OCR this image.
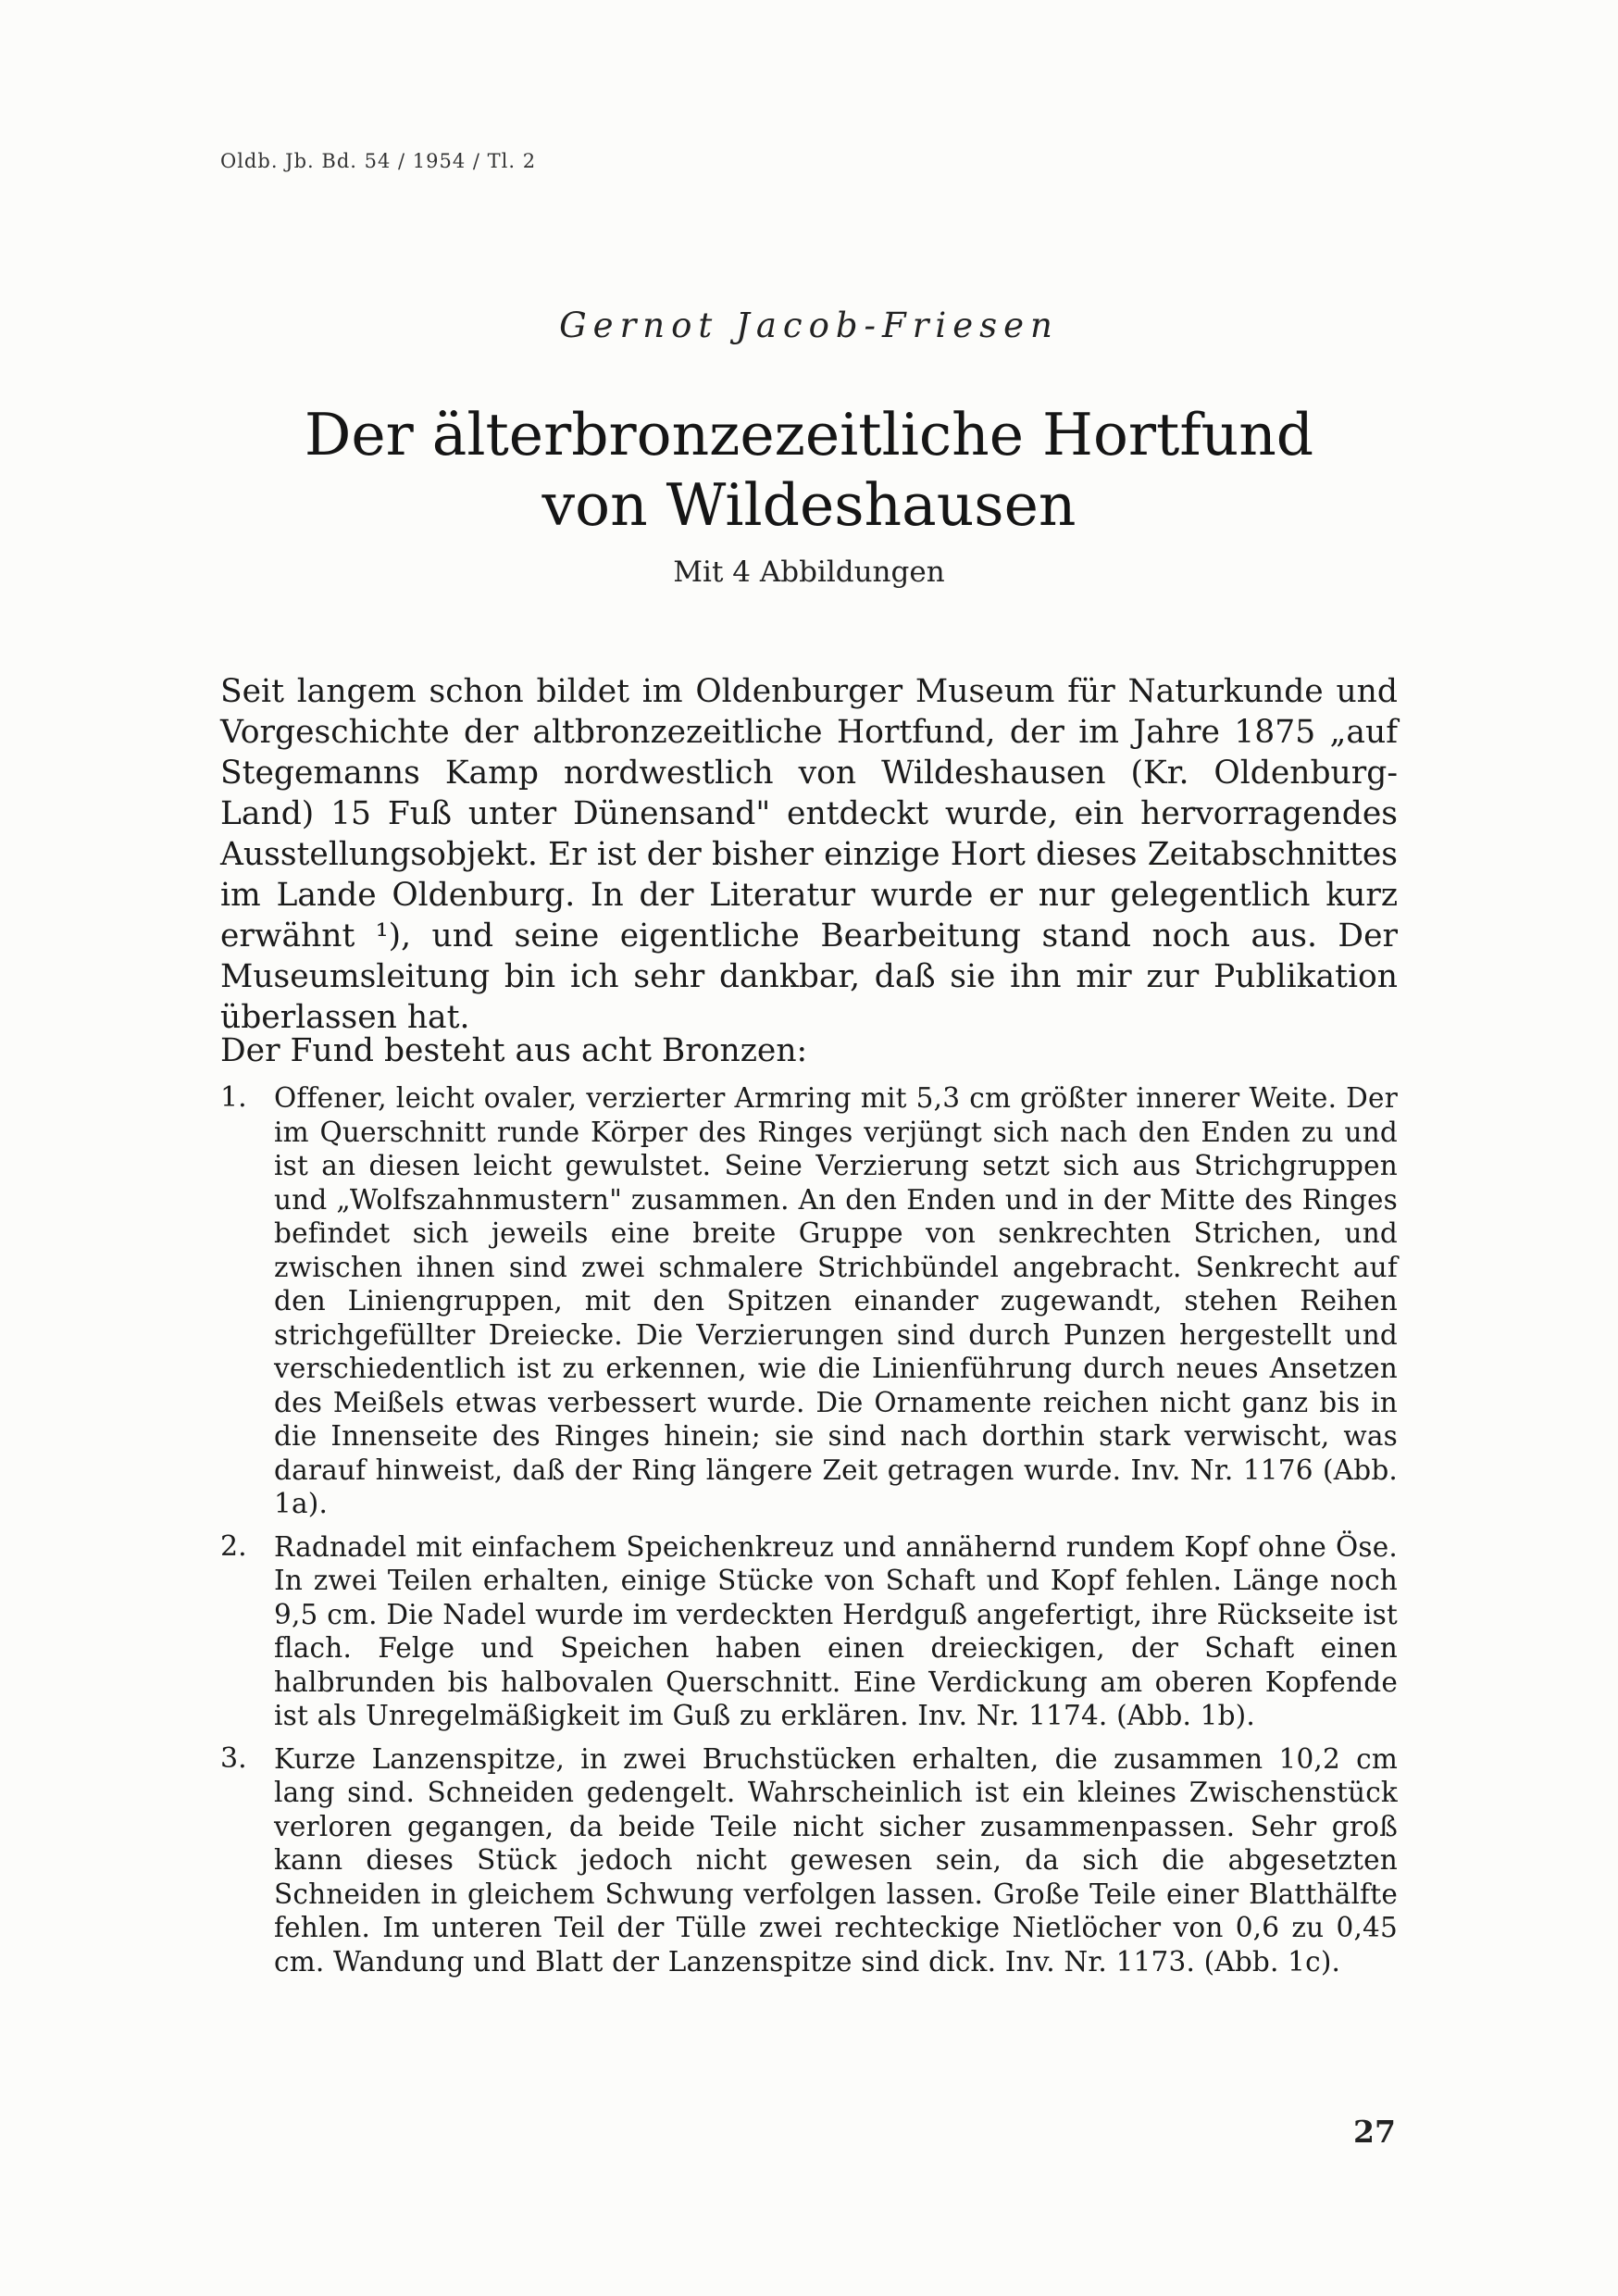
Oldb. Jb. Bd. 54 / 1954 / Tl. 2
Gernot Jacob-Friesen
Der älterbronzezeitliche Hortfund
von Wildeshausen
Mit 4 Abbildungen

Seit langem schon bildet im Oldenburger Museum für Naturkunde und Vorgeschichte der altbronzezeitliche Hortfund, der im Jahre 1875 „auf Stegemanns Kamp nordwestlich von Wildeshausen (Kr. Oldenburg-Land) 15 Fuß unter Dünensand" entdeckt wurde, ein hervorragendes Ausstellungsobjekt. Er ist der bisher einzige Hort dieses Zeitabschnittes im Lande Oldenburg. In der Literatur wurde er nur gelegentlich kurz erwähnt ¹), und seine eigentliche Bearbeitung stand noch aus. Der Museumsleitung bin ich sehr dankbar, daß sie ihn mir zur Publikation überlassen hat.

Der Fund besteht aus acht Bronzen:
1. Offener, leicht ovaler, verzierter Armring mit 5,3 cm größter innerer Weite. Der im Querschnitt runde Körper des Ringes verjüngt sich nach den Enden zu und ist an diesen leicht gewulstet. Seine Verzierung setzt sich aus Strichgruppen und „Wolfszahnmustern" zusammen. An den Enden und in der Mitte des Ringes befindet sich jeweils eine breite Gruppe von senkrechten Strichen, und zwischen ihnen sind zwei schmalere Strichbündel angebracht. Senkrecht auf den Liniengruppen, mit den Spitzen einander zugewandt, stehen Reihen strichgefüllter Dreiecke. Die Verzierungen sind durch Punzen hergestellt und verschiedentlich ist zu erkennen, wie die Linienführung durch neues Ansetzen des Meißels etwas verbessert wurde. Die Ornamente reichen nicht ganz bis in die Innenseite des Ringes hinein; sie sind nach dorthin stark verwischt, was darauf hinweist, daß der Ring längere Zeit getragen wurde. Inv. Nr. 1176 (Abb. 1a).
2. Radnadel mit einfachem Speichenkreuz und annähernd rundem Kopf ohne Öse. In zwei Teilen erhalten, einige Stücke von Schaft und Kopf fehlen. Länge noch 9,5 cm. Die Nadel wurde im verdeckten Herdguß angefertigt, ihre Rückseite ist flach. Felge und Speichen haben einen dreieckigen, der Schaft einen halbrunden bis halbovalen Querschnitt. Eine Verdickung am oberen Kopfende ist als Unregelmäßigkeit im Guß zu erklären. Inv. Nr. 1174. (Abb. 1b).
3. Kurze Lanzenspitze, in zwei Bruchstücken erhalten, die zusammen 10,2 cm lang sind. Schneiden gedengelt. Wahrscheinlich ist ein kleines Zwischenstück verloren gegangen, da beide Teile nicht sicher zusammenpassen. Sehr groß kann dieses Stück jedoch nicht gewesen sein, da sich die abgesetzten Schneiden in gleichem Schwung verfolgen lassen. Große Teile einer Blatthälfte fehlen. Im unteren Teil der Tülle zwei rechteckige Nietlöcher von 0,6 zu 0,45 cm. Wandung und Blatt der Lanzenspitze sind dick. Inv. Nr. 1173. (Abb. 1c).
27
